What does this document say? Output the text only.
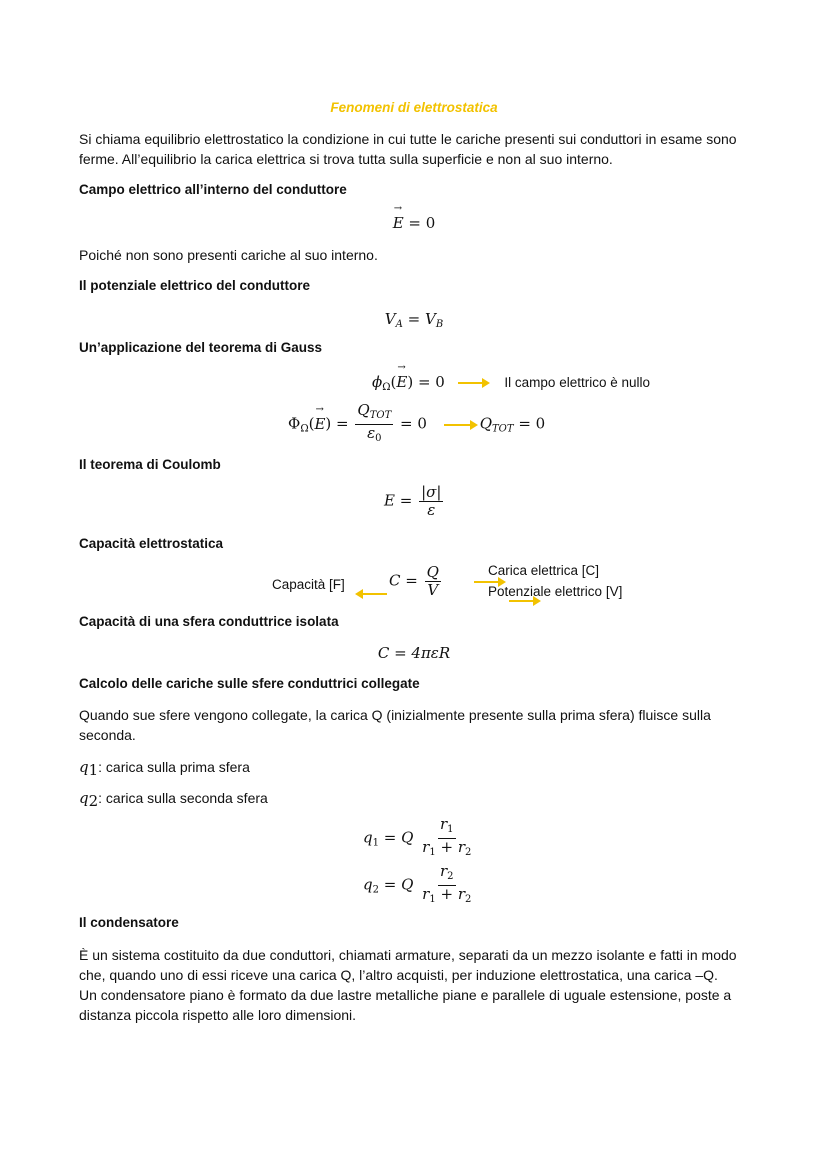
Fenomeni di elettrostatica
Si chiama equilibrio elettrostatico la condizione in cui tutte le cariche presenti sui conduttori in esame sono ferme. All’equilibrio la carica elettrica si trova tutta sulla superficie e non al suo interno.
Campo elettrico all’interno del conduttore
→ E = 0
Poiché non sono presenti cariche al suo interno.
Il potenziale elettrico del conduttore
$V_A = V_B$
Un’applicazione del teorema di Gauss
$\phi_\Omega(\to E) = 0$	Il campo elettrico è nullo
$\Phi_\Omega(\to E) = \frac{Q_{TOT}}{\varepsilon_0} = 0$	$Q_{TOT} = 0$
Il teorema di Coulomb
$E = \frac{|\sigma|}{\varepsilon}$
Capacità elettrostatica
Capacità [F]
	$C = \frac{Q}{V}$
	Carica elettrica [C]
Potenziale elettrico [V]
Capacità di una sfera conduttrice isolata
C = 4πεR
Calcolo delle cariche sulle sfere conduttrici collegate
Quando sue sfere vengono collegate, la carica Q (inizialmente presente sulla prima sfera) fluisce sulla seconda.
$q_1$: carica sulla prima sfera
$q_2$: carica sulla seconda sfera
$q_1 = Q \frac{r_1}{r_1 + r_2}$
$q_2 = Q \frac{r_2}{r_1 + r_2}$
Il condensatore
È un sistema costituito da due conduttori, chiamati armature, separati da un mezzo isolante e fatti in modo che, quando uno di essi riceve una carica Q, l’altro acquisti, per induzione elettrostatica, una carica –Q.
Un condensatore piano è formato da due lastre metalliche piane e parallele di uguale estensione, poste a distanza piccola rispetto alle loro dimensioni.
